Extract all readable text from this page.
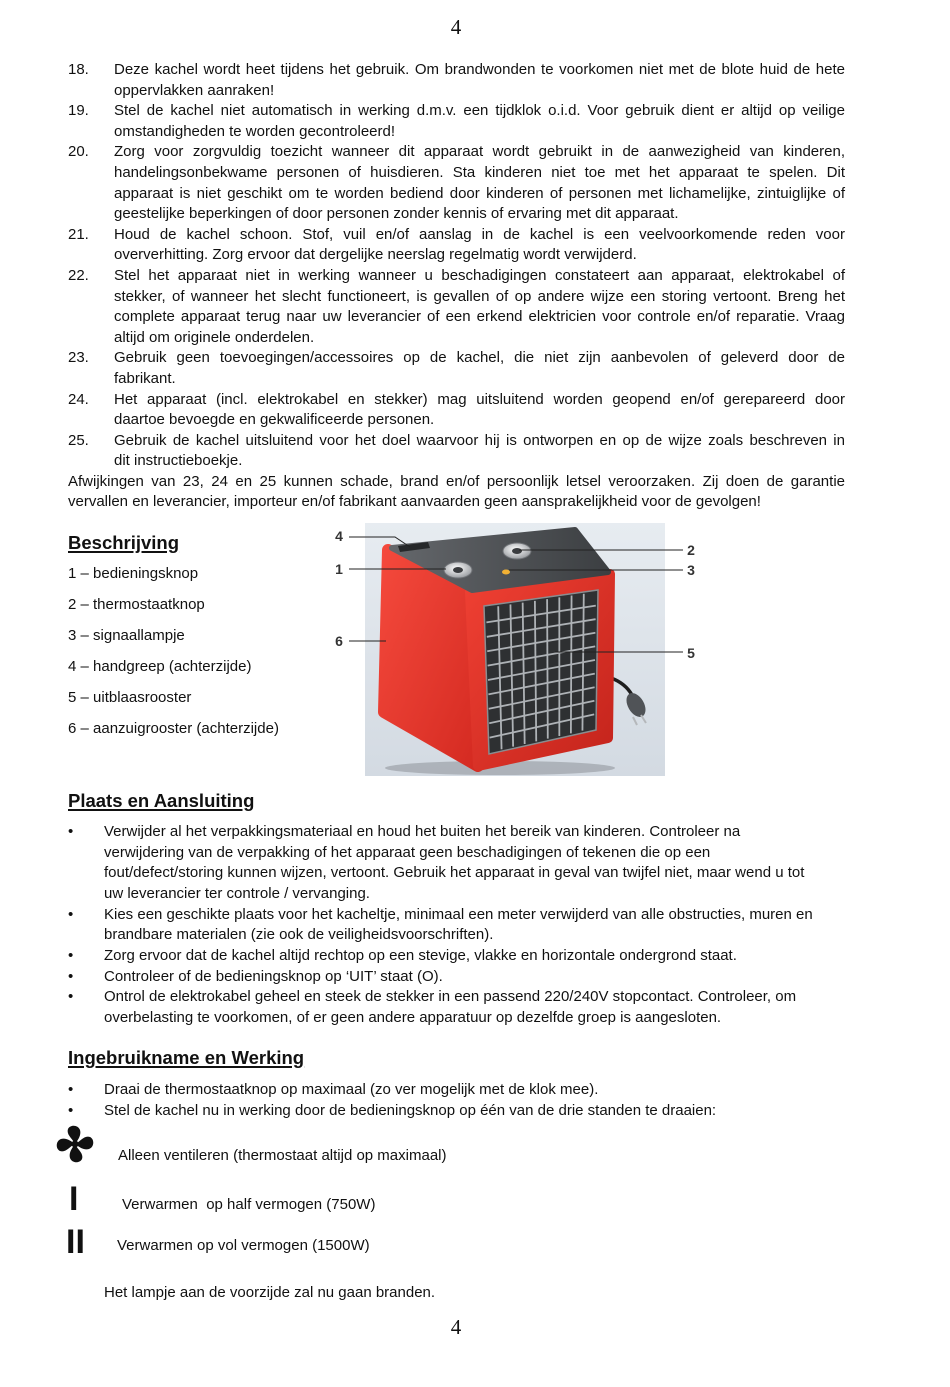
4
18. Deze kachel wordt heet tijdens het gebruik. Om brandwonden te voorkomen niet met de blote huid de hete
oppervlakken aanraken!
19. Stel de kachel niet automatisch in werking d.m.v. een tijdklok o.i.d. Voor gebruik dient er altijd op veilige
omstandigheden te worden gecontroleerd!
20. Zorg voor zorgvuldig toezicht wanneer dit apparaat wordt gebruikt in de aanwezigheid van kinderen,
handelingsonbekwame personen of huisdieren. Sta kinderen niet toe met het apparaat te spelen. Dit
apparaat is niet geschikt om te worden bediend door kinderen of personen met lichamelijke, zintuiglijke of
geestelijke beperkingen of door personen zonder kennis of ervaring met dit apparaat.
21. Houd de kachel schoon. Stof, vuil en/of aanslag in de kachel is een veelvoorkomende reden voor
oververhitting. Zorg ervoor dat dergelijke neerslag regelmatig wordt verwijderd.
22. Stel het apparaat niet in werking wanneer u beschadigingen constateert aan apparaat, elektrokabel of
stekker, of wanneer het slecht functioneert, is gevallen of op andere wijze een storing vertoont. Breng het
complete apparaat terug naar uw leverancier of een erkend elektricien voor controle en/of reparatie. Vraag
altijd om originele onderdelen.
23. Gebruik geen toevoegingen/accessoires op de kachel, die niet zijn aanbevolen of geleverd door de
fabrikant.
24. Het apparaat (incl. elektrokabel en stekker) mag uitsluitend worden geopend en/of gerepareerd door
daartoe bevoegde en gekwalificeerde personen.
25. Gebruik de kachel uitsluitend voor het doel waarvoor hij is ontworpen en op de wijze zoals beschreven in
dit instructieboekje.
Afwijkingen van 23, 24 en 25 kunnen schade, brand en/of persoonlijk letsel veroorzaken. Zij doen de garantie
vervallen en leverancier, importeur en/of fabrikant aanvaarden geen aansprakelijkheid voor de gevolgen!
Beschrijving
1 – bedieningsknop
2 – thermostaatknop
3 – signaallampje
4 – handgreep (achterzijde)
5 – uitblaasrooster
6 – aanzuigrooster (achterzijde)
4
1
6
2
3
5
Plaats en Aansluiting
• Verwijder al het verpakkingsmateriaal en houd het buiten het bereik van kinderen. Controleer na
verwijdering van de verpakking of het apparaat geen beschadigingen of tekenen die op een
fout/defect/storing kunnen wijzen, vertoont. Gebruik het apparaat in geval van twijfel niet, maar wend u tot
uw leverancier ter controle / vervanging.
• Kies een geschikte plaats voor het kacheltje, minimaal een meter verwijderd van alle obstructies, muren en
brandbare materialen (zie ook de veiligheidsvoorschriften).
• Zorg ervoor dat de kachel altijd rechtop op een stevige, vlakke en horizontale ondergrond staat.
• Controleer of de bedieningsknop op ‘UIT’ staat (O).
• Ontrol de elektrokabel geheel en steek de stekker in een passend 220/240V stopcontact. Controleer, om
overbelasting te voorkomen, of er geen andere apparatuur op dezelfde groep is aangesloten.
Ingebruikname en Werking
• Draai de thermostaatknop op maximaal (zo ver mogelijk met de klok mee).
• Stel de kachel nu in werking door de bedieningsknop op één van de drie standen te draaien:
Alleen ventileren (thermostaat altijd op maximaal)
I	Verwarmen  op half vermogen (750W)
II Verwarmen op vol vermogen (1500W)
Het lampje aan de voorzijde zal nu gaan branden.
4
